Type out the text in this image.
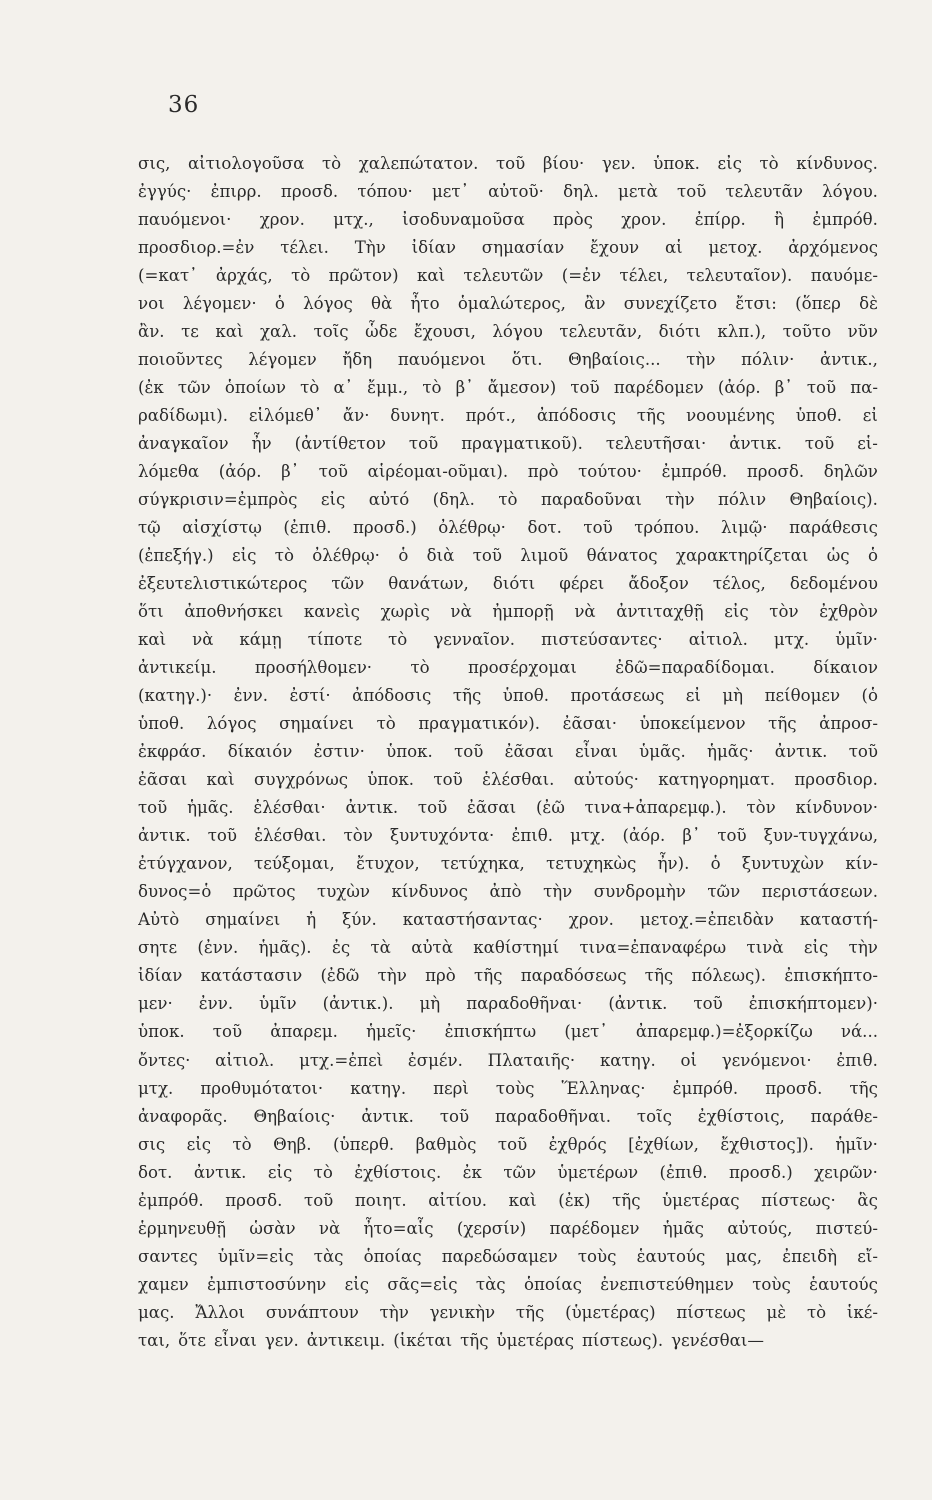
36
σις, αἰτιολογοῦσα τὸ χαλεπώτατον. τοῦ βίου· γεν. ὑποκ. εἰς τὸ κίνδυνος.
ἐγγύς· ἐπιρρ. προσδ. τόπου· μετ᾽ αὐτοῦ· δηλ. μετὰ τοῦ τελευτᾶν λόγου.
παυόμενοι· χρον. μτχ., ἰσοδυναμοῦσα πρὸς χρον. ἐπίρρ. ἢ ἐμπρόθ.
προσδιορ.=ἐν τέλει. Τὴν ἰδίαν σημασίαν ἔχουν αἱ μετοχ. ἀρχόμενος
(=κατ᾽ ἀρχάς, τὸ πρῶτον) καὶ τελευτῶν (=ἐν τέλει, τελευταῖον). παυόμε-
νοι λέγομεν· ὁ λόγος θὰ ἦτο ὁμαλώτερος, ἂν συνεχίζετο ἔτσι: (ὅπερ δὲ
ἂν. τε καὶ χαλ. τοῖς ὧδε ἔχουσι, λόγου τελευτᾶν, διότι κλπ.), τοῦτο νῦν
ποιοῦντες λέγομεν ἤδη παυόμενοι ὅτι. Θηβαίοις... τὴν πόλιν· ἀντικ.,
(ἐκ τῶν ὁποίων τὸ α᾽ ἔμμ., τὸ β᾽ ἄμεσον) τοῦ παρέδομεν (ἀόρ. β᾽ τοῦ πα-
ραδίδωμι). εἱλόμεθ᾽ ἄν· δυνητ. πρότ., ἀπόδοσις τῆς νοουμένης ὑποθ. εἰ
ἀναγκαῖον ἦν (ἀντίθετον τοῦ πραγματικοῦ). τελευτῆσαι· ἀντικ. τοῦ εἱ-
λόμεθα (ἀόρ. β᾽ τοῦ αἱρέομαι-οῦμαι). πρὸ τούτου· ἐμπρόθ. προσδ. δηλῶν
σύγκρισιν=ἐμπρὸς εἰς αὐτό (δηλ. τὸ παραδοῦναι τὴν πόλιν Θηβαίοις).
τῷ αἰσχίστῳ (ἐπιθ. προσδ.) ὀλέθρῳ· δοτ. τοῦ τρόπου. λιμῷ· παράθεσις
(ἐπεξήγ.) εἰς τὸ ὀλέθρῳ· ὁ διὰ τοῦ λιμοῦ θάνατος χαρακτηρίζεται ὡς ὁ
ἐξευτελιστικώτερος τῶν θανάτων, διότι φέρει ἄδοξον τέλος, δεδομένου
ὅτι ἀποθνήσκει κανεὶς χωρὶς νὰ ἠμπορῇ νὰ ἀντιταχθῇ εἰς τὸν ἐχθρὸν
καὶ νὰ κάμῃ τίποτε τὸ γενναῖον. πιστεύσαντες· αἰτιολ. μτχ. ὑμῖν·
ἀντικείμ. προσήλθομεν· τὸ προσέρχομαι ἐδῶ=παραδίδομαι. δίκαιον
(κατηγ.)· ἐνν. ἐστί· ἀπόδοσις τῆς ὑποθ. προτάσεως εἰ μὴ πείθομεν (ὁ
ὑποθ. λόγος σημαίνει τὸ πραγματικόν). ἐᾶσαι· ὑποκείμενον τῆς ἀπροσ-
ἐκφράσ. δίκαιόν ἐστιν· ὑποκ. τοῦ ἐᾶσαι εἶναι ὑμᾶς. ἡμᾶς· ἀντικ. τοῦ
ἐᾶσαι καὶ συγχρόνως ὑποκ. τοῦ ἑλέσθαι. αὐτούς· κατηγορηματ. προσδιορ.
τοῦ ἡμᾶς. ἑλέσθαι· ἀντικ. τοῦ ἐᾶσαι (ἐῶ τινα+ἀπαρεμφ.). τὸν κίνδυνον·
ἀντικ. τοῦ ἑλέσθαι. τὸν ξυντυχόντα· ἐπιθ. μτχ. (ἀόρ. β᾽ τοῦ ξυν-τυγχάνω,
ἐτύγχανον, τεύξομαι, ἔτυχον, τετύχηκα, τετυχηκὼς ἦν). ὁ ξυντυχὼν κίν-
δυνος=ὁ πρῶτος τυχὼν κίνδυνος ἀπὸ τὴν συνδρομὴν τῶν περιστάσεων.
Αὐτὸ σημαίνει ἡ ξύν. καταστήσαντας· χρον. μετοχ.=ἐπειδὰν καταστή-
σητε (ἐνν. ἡμᾶς). ἐς τὰ αὐτὰ καθίστημί τινα=ἐπαναφέρω τινὰ εἰς τὴν
ἰδίαν κατάστασιν (ἐδῶ τὴν πρὸ τῆς παραδόσεως τῆς πόλεως). ἐπισκήπτο-
μεν· ἐνν. ὑμῖν (ἀντικ.). μὴ παραδοθῆναι· (ἀντικ. τοῦ ἐπισκήπτομεν)·
ὑποκ. τοῦ ἀπαρεμ. ἡμεῖς· ἐπισκήπτω (μετ᾽ ἀπαρεμφ.)=ἐξορκίζω νά...
ὄντες· αἰτιολ. μτχ.=ἐπεὶ ἐσμέν. Πλαταιῆς· κατηγ. οἱ γενόμενοι· ἐπιθ.
μτχ. προθυμότατοι· κατηγ. περὶ τοὺς Ἕλληνας· ἐμπρόθ. προσδ. τῆς
ἀναφορᾶς. Θηβαίοις· ἀντικ. τοῦ παραδοθῆναι. τοῖς ἐχθίστοις, παράθε-
σις εἰς τὸ Θηβ. (ὑπερθ. βαθμὸς τοῦ ἐχθρός [ἐχθίων, ἔχθιστος]). ἡμῖν·
δοτ. ἀντικ. εἰς τὸ ἐχθίστοις. ἐκ τῶν ὑμετέρων (ἐπιθ. προσδ.) χειρῶν·
ἐμπρόθ. προσδ. τοῦ ποιητ. αἰτίου. καὶ (ἐκ) τῆς ὑμετέρας πίστεως· ἃς
ἑρμηνευθῇ ὡσὰν νὰ ἦτο=αἷς (χερσίν) παρέδομεν ἡμᾶς αὐτούς, πιστεύ-
σαντες ὑμῖν=εἰς τὰς ὁποίας παρεδώσαμεν τοὺς ἑαυτούς μας, ἐπειδὴ εἴ-
χαμεν ἐμπιστοσύνην εἰς σᾶς=εἰς τὰς ὁποίας ἐνεπιστεύθημεν τοὺς ἑαυτούς
μας. Ἄλλοι συνάπτουν τὴν γενικὴν τῆς (ὑμετέρας) πίστεως μὲ τὸ ἱκέ-
ται, ὅτε εἶναι γεν. ἀντικειμ. (ἱκέται τῆς ὑμετέρας πίστεως). γενέσθαι—
